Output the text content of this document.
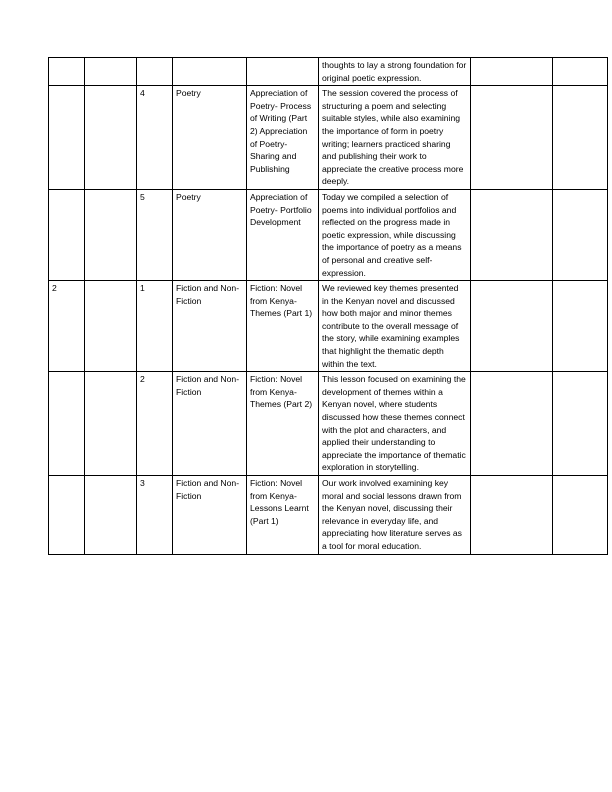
					thoughts to lay a strong foundation for original poetic expression.		
		4	Poetry	Appreciation of Poetry- Process of Writing (Part 2) Appreciation of Poetry- Sharing and Publishing	The session covered the process of structuring a poem and selecting suitable styles, while also examining the importance of form in poetry writing; learners practiced sharing and publishing their work to appreciate the creative process more deeply.		
		5	Poetry	Appreciation of Poetry- Portfolio Development	Today we compiled a selection of poems into individual portfolios and reflected on the progress made in poetic expression, while discussing the importance of poetry as a means of personal and creative self-expression.		
2		1	Fiction and Non-Fiction	Fiction: Novel from Kenya- Themes (Part 1)	We reviewed key themes presented in the Kenyan novel and discussed how both major and minor themes contribute to the overall message of the story, while examining examples that highlight the thematic depth within the text.		
		2	Fiction and Non-Fiction	Fiction: Novel from Kenya- Themes (Part 2)	This lesson focused on examining the development of themes within a Kenyan novel, where students discussed how these themes connect with the plot and characters, and applied their understanding to appreciate the importance of thematic exploration in storytelling.		
		3	Fiction and Non-Fiction	Fiction: Novel from Kenya- Lessons Learnt (Part 1)	Our work involved examining key moral and social lessons drawn from the Kenyan novel, discussing their relevance in everyday life, and appreciating how literature serves as a tool for moral education.		
